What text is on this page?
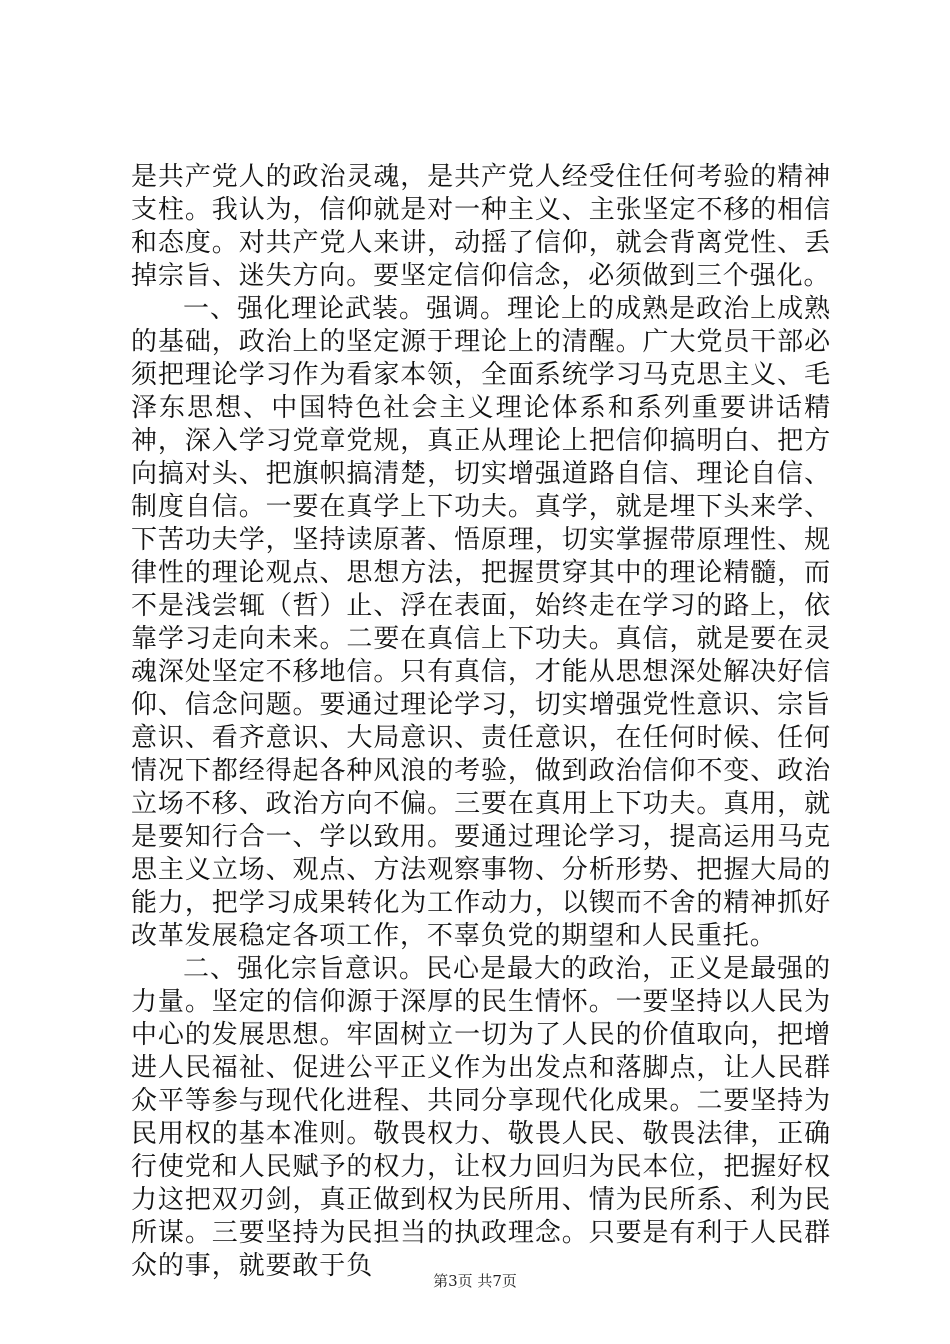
是共产党人的政治灵魂，是共产党人经受住任何考验的精神支柱。我认为，信仰就是对一种主义、主张坚定不移的相信和态度。对共产党人来讲，动摇了信仰，就会背离党性、丢掉宗旨、迷失方向。要坚定信仰信念，必须做到三个强化。

一、强化理论武装。强调。理论上的成熟是政治上成熟的基础，政治上的坚定源于理论上的清醒。广大党员干部必须把理论学习作为看家本领，全面系统学习马克思主义、毛泽东思想、中国特色社会主义理论体系和系列重要讲话精神，深入学习党章党规，真正从理论上把信仰搞明白、把方向搞对头、把旗帜搞清楚，切实增强道路自信、理论自信、制度自信。一要在真学上下功夫。真学，就是埋下头来学、下苦功夫学，坚持读原著、悟原理，切实掌握带原理性、规律性的理论观点、思想方法，把握贯穿其中的理论精髓，而不是浅尝辄（哲）止、浮在表面，始终走在学习的路上，依靠学习走向未来。二要在真信上下功夫。真信，就是要在灵魂深处坚定不移地信。只有真信，才能从思想深处解决好信仰、信念问题。要通过理论学习，切实增强党性意识、宗旨意识、看齐意识、大局意识、责任意识，在任何时候、任何情况下都经得起各种风浪的考验，做到政治信仰不变、政治立场不移、政治方向不偏。三要在真用上下功夫。真用，就是要知行合一、学以致用。要通过理论学习，提高运用马克思主义立场、观点、方法观察事物、分析形势、把握大局的能力，把学习成果转化为工作动力，以锲而不舍的精神抓好改革发展稳定各项工作，不辜负党的期望和人民重托。

二、强化宗旨意识。民心是最大的政治，正义是最强的力量。坚定的信仰源于深厚的民生情怀。一要坚持以人民为中心的发展思想。牢固树立一切为了人民的价值取向，把增进人民福祉、促进公平正义作为出发点和落脚点，让人民群众平等参与现代化进程、共同分享现代化成果。二要坚持为民用权的基本准则。敬畏权力、敬畏人民、敬畏法律，正确行使党和人民赋予的权力，让权力回归为民本位，把握好权力这把双刃剑，真正做到权为民所用、情为民所系、利为民所谋。三要坚持为民担当的执政理念。只要是有利于人民群众的事，就要敢于负	第3页 共7页
